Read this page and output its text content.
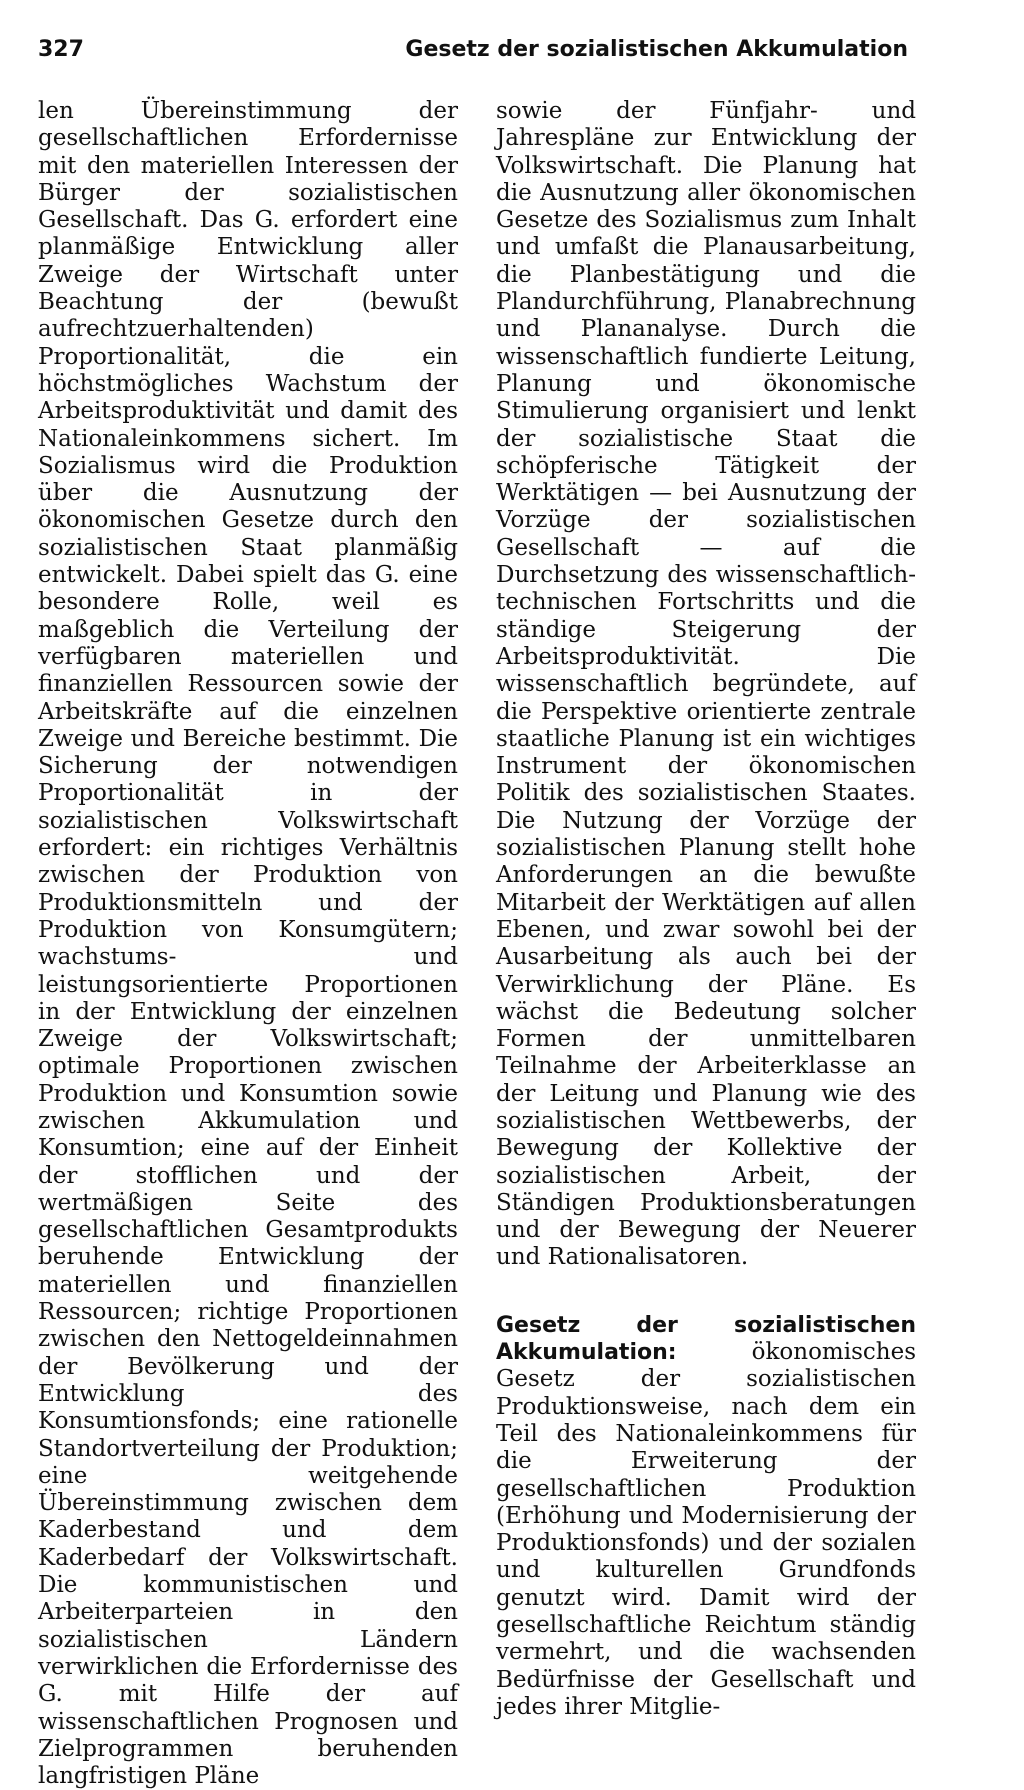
327	Gesetz der sozialistischen Akkumulation

len Übereinstimmung der gesellschaftlichen Erfordernisse mit den materiellen Interessen der Bürger der sozialistischen Gesellschaft. Das G. erfordert eine planmäßige Entwicklung aller Zweige der Wirtschaft unter Beachtung der (bewußt aufrechtzuerhaltenden) Proportionalität, die ein höchstmögliches Wachstum der Arbeitsproduktivität und damit des Nationaleinkommens sichert. Im Sozialismus wird die Produktion über die Ausnutzung der ökonomischen Gesetze durch den sozialistischen Staat planmäßig entwickelt. Dabei spielt das G. eine besondere Rolle, weil es maßgeblich die Verteilung der verfügbaren materiellen und finanziellen Ressourcen sowie der Arbeitskräfte auf die einzelnen Zweige und Bereiche bestimmt. Die Sicherung der notwendigen Proportionalität in der sozialistischen Volkswirtschaft erfordert: ein richtiges Verhältnis zwischen der Produktion von Produktionsmitteln und der Produktion von Konsumgütern; wachstums- und leistungsorientierte Proportionen in der Entwicklung der einzelnen Zweige der Volkswirtschaft; optimale Proportionen zwischen Produktion und Konsumtion sowie zwischen Akkumulation und Konsumtion; eine auf der Einheit der stofflichen und der wertmäßigen Seite des gesellschaftlichen Gesamtprodukts beruhende Entwicklung der materiellen und finanziellen Ressourcen; richtige Proportionen zwischen den Nettogeldeinnahmen der Bevölkerung und der Entwicklung des Konsumtionsfonds; eine rationelle Standortverteilung der Produktion; eine weitgehende Übereinstimmung zwischen dem Kaderbestand und dem Kaderbedarf der Volkswirtschaft. Die kommunistischen und Arbeiterparteien in den sozialistischen Ländern verwirklichen die Erfordernisse des G. mit Hilfe der auf wissenschaftlichen Prognosen und Zielprogrammen beruhenden langfristigen Pläne

sowie der Fünfjahr- und Jahrespläne zur Entwicklung der Volkswirtschaft. Die Planung hat die Ausnutzung aller ökonomischen Gesetze des Sozialismus zum Inhalt und umfaßt die Planausarbeitung, die Planbestätigung und die Plandurchführung, Planabrechnung und Plananalyse. Durch die wissenschaftlich fundierte Leitung, Planung und ökonomische Stimulierung organisiert und lenkt der sozialistische Staat die schöpferische Tätigkeit der Werktätigen — bei Ausnutzung der Vorzüge der sozialistischen Gesellschaft — auf die Durchsetzung des wissenschaftlich-technischen Fortschritts und die ständige Steigerung der Arbeitsproduktivität. Die wissenschaftlich begründete, auf die Perspektive orientierte zentrale staatliche Planung ist ein wichtiges Instrument der ökonomischen Politik des sozialistischen Staates. Die Nutzung der Vorzüge der sozialistischen Planung stellt hohe Anforderungen an die bewußte Mitarbeit der Werktätigen auf allen Ebenen, und zwar sowohl bei der Ausarbeitung als auch bei der Verwirklichung der Pläne. Es wächst die Bedeutung solcher Formen der unmittelbaren Teilnahme der Arbeiterklasse an der Leitung und Planung wie des sozialistischen Wettbewerbs, der Bewegung der Kollektive der sozialistischen Arbeit, der Ständigen Produktionsberatungen und der Bewegung der Neuerer und Rationalisatoren.

Gesetz der sozialistischen Akkumulation: ökonomisches Gesetz der sozialistischen Produktionsweise, nach dem ein Teil des Nationaleinkommens für die Erweiterung der gesellschaftlichen Produktion (Erhöhung und Modernisierung der Produktionsfonds) und der sozialen und kulturellen Grundfonds genutzt wird. Damit wird der gesellschaftliche Reichtum ständig vermehrt, und die wachsenden Bedürfnisse der Gesellschaft und jedes ihrer Mitglie-
